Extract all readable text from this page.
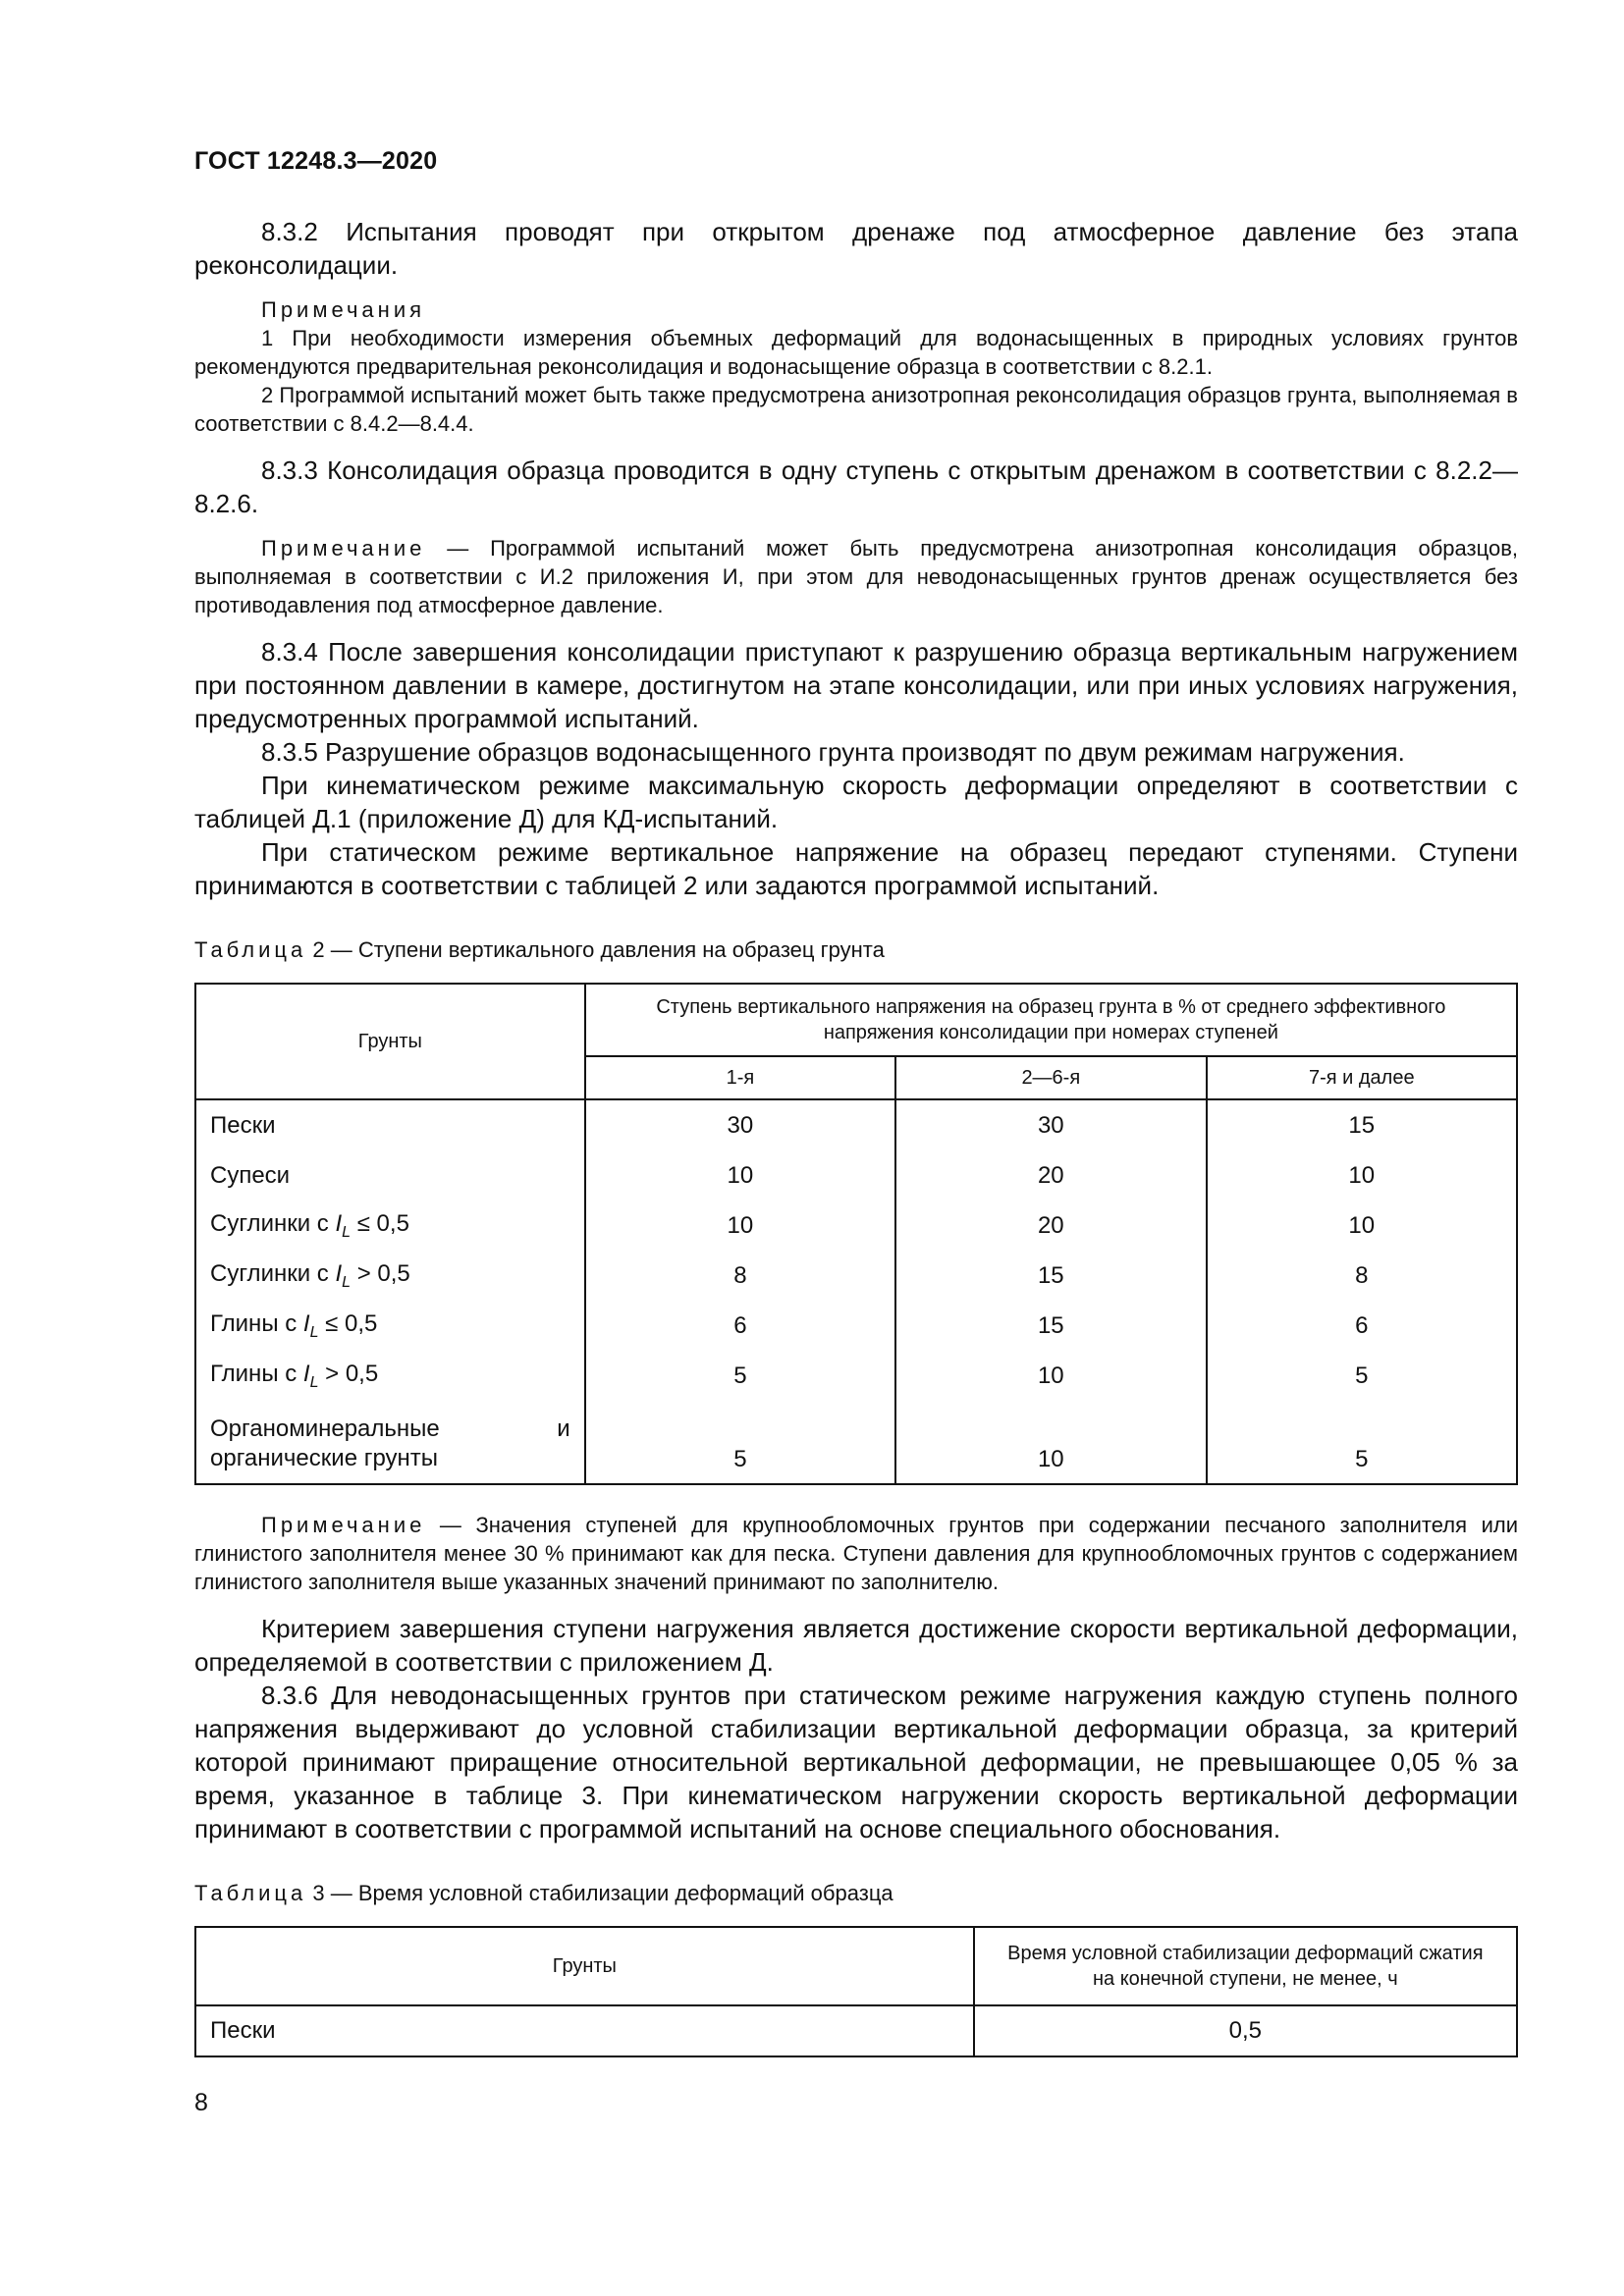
ГОСТ 12248.3—2020

8.3.2 Испытания проводят при открытом дренаже под атмосферное давление без этапа реконсолидации.

Примечания

1 При необходимости измерения объемных деформаций для водонасыщенных в природных условиях грунтов рекомендуются предварительная реконсолидация и водонасыщение образца в соответствии с 8.2.1.

2 Программой испытаний может быть также предусмотрена анизотропная реконсолидация образцов грунта, выполняемая в соответствии с 8.4.2—8.4.4.

8.3.3 Консолидация образца проводится в одну ступень с открытым дренажом в соответствии с 8.2.2—8.2.6.

Примечание — Программой испытаний может быть предусмотрена анизотропная консолидация образцов, выполняемая в соответствии с И.2 приложения И, при этом для неводонасыщенных грунтов дренаж осуществляется без противодавления под атмосферное давление.

8.3.4 После завершения консолидации приступают к разрушению образца вертикальным нагружением при постоянном давлении в камере, достигнутом на этапе консолидации, или при иных условиях нагружения, предусмотренных программой испытаний.

8.3.5 Разрушение образцов водонасыщенного грунта производят по двум режимам нагружения.

При кинематическом режиме максимальную скорость деформации определяют в соответствии с таблицей Д.1 (приложение Д) для КД-испытаний.

При статическом режиме вертикальное напряжение на образец передают ступенями. Ступени принимаются в соответствии с таблицей 2 или задаются программой испытаний.

Таблица 2 — Ступени вертикального давления на образец грунта
Грунты	Ступень вертикального напряжения на образец грунта в % от среднего эффективного напряжения консолидации при номерах ступеней		
	1-я	2—6-я	7-я и далее
Пески	30	30	15
Супеси	10	20	10
Суглинки с $I_L \le 0,5$	10	20	10
Суглинки с $I_L > 0,5$	8	15	8
Глины с $I_L \le 0,5$	6	15	6
Глины с $I_L > 0,5$	5	10	5
Органоминеральные и органические грунты	5	10	5

Примечание — Значения ступеней для крупнообломочных грунтов при содержании песчаного заполнителя или глинистого заполнителя менее 30 % принимают как для песка. Ступени давления для крупнообломочных грунтов с содержанием глинистого заполнителя выше указанных значений принимают по заполнителю.

Критерием завершения ступени нагружения является достижение скорости вертикальной деформации, определяемой в соответствии с приложением Д.

8.3.6 Для неводонасыщенных грунтов при статическом режиме нагружения каждую ступень полного напряжения выдерживают до условной стабилизации вертикальной деформации образца, за критерий которой принимают приращение относительной вертикальной деформации, не превышающее 0,05 % за время, указанное в таблице 3. При кинематическом нагружении скорость вертикальной деформации принимают в соответствии с программой испытаний на основе специального обоснования.

Таблица 3 — Время условной стабилизации деформаций образца
Грунты	Время условной стабилизации деформаций сжатия на конечной ступени, не менее, ч
Пески	0,5
8
